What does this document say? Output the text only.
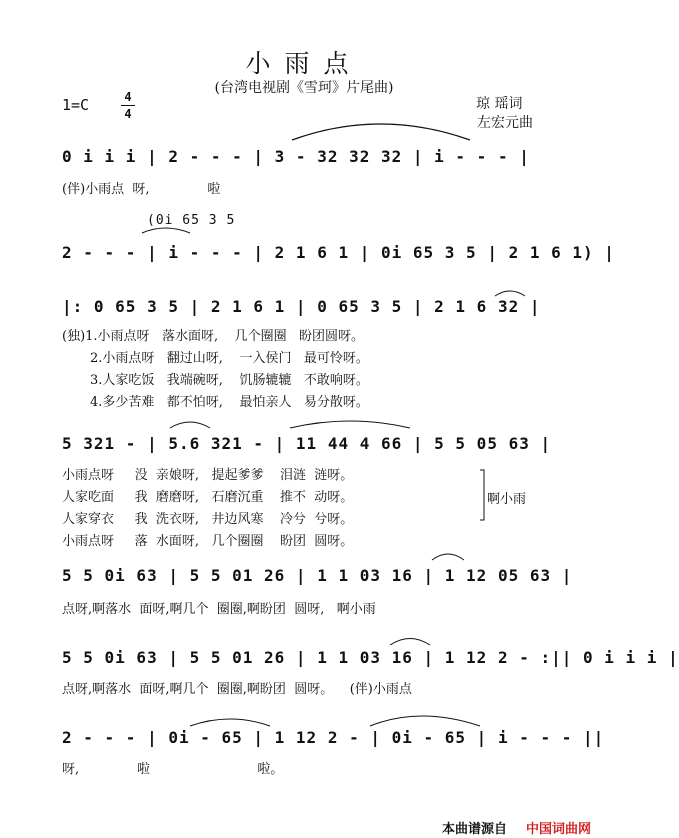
小雨点
(台湾电视剧《雪珂》片尾曲)
琼 瑶词
左宏元曲
1=C	4
4
0 i i i | 2 - - - | 3 - 32 32 32 | i - - - |
(伴)小雨点  呀,              啦
(0i 65 3 5
2 - - - | i - - - | 2 1 6 1 | 0i 65 3 5 | 2 1 6 1) |
|: 0 65 3 5 | 2 1 6 1 | 0 65 3 5 | 2 1 6 32 |
(独)1.小雨点呀   落水面呀,    几个圈圈   盼团圆呀。
2.小雨点呀   翻过山呀,    一入侯门   最可怜呀。
3.人家吃饭   我端碗呀,    饥肠辘辘   不敢响呀。
4.多少苦难   都不怕呀,    最怕亲人   易分散呀。
5 321 - | 5.6 321 - | 11 44 4 66 | 5 5 05 63 |
小雨点呀     没  亲娘呀,   提起爹爹    泪涟  涟呀。
人家吃面     我  磨磨呀,   石磨沉重    推不  动呀。
人家穿衣     我  洗衣呀,   井边风寒    冷兮  兮呀。
小雨点呀     落  水面呀,   几个圈圈    盼团  圆呀。
啊小雨
5 5 0i 63 | 5 5 01 26 | 1 1 03 16 | 1 12 05 63 |
点呀,啊落水  面呀,啊几个  圈圈,啊盼团  圆呀,   啊小雨
5 5 0i 63 | 5 5 01 26 | 1 1 03 16 | 1 12 2 - :|| 0 i i i |
点呀,啊落水  面呀,啊几个  圈圈,啊盼团  圆呀。    (伴)小雨点
2 - - - | 0i - 65 | 1 12 2 - | 0i - 65 | i - - - ||
呀,              啦                          啦。
本曲谱源自 中国词曲网
